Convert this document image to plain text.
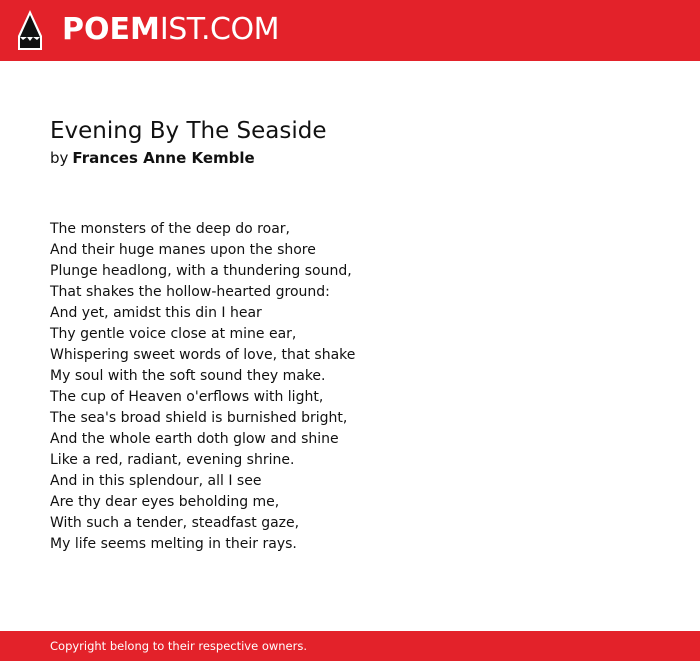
POEMIST.COM
Evening By The Seaside
by Frances Anne Kemble
The monsters of the deep do roar,
And their huge manes upon the shore
Plunge headlong, with a thundering sound,
That shakes the hollow-hearted ground:
And yet, amidst this din I hear
Thy gentle voice close at mine ear,
Whispering sweet words of love, that shake
My soul with the soft sound they make.
The cup of Heaven o'erflows with light,
The sea's broad shield is burnished bright,
And the whole earth doth glow and shine
Like a red, radiant, evening shrine.
And in this splendour, all I see
Are thy dear eyes beholding me,
With such a tender, steadfast gaze,
My life seems melting in their rays.
Copyright belong to their respective owners.
